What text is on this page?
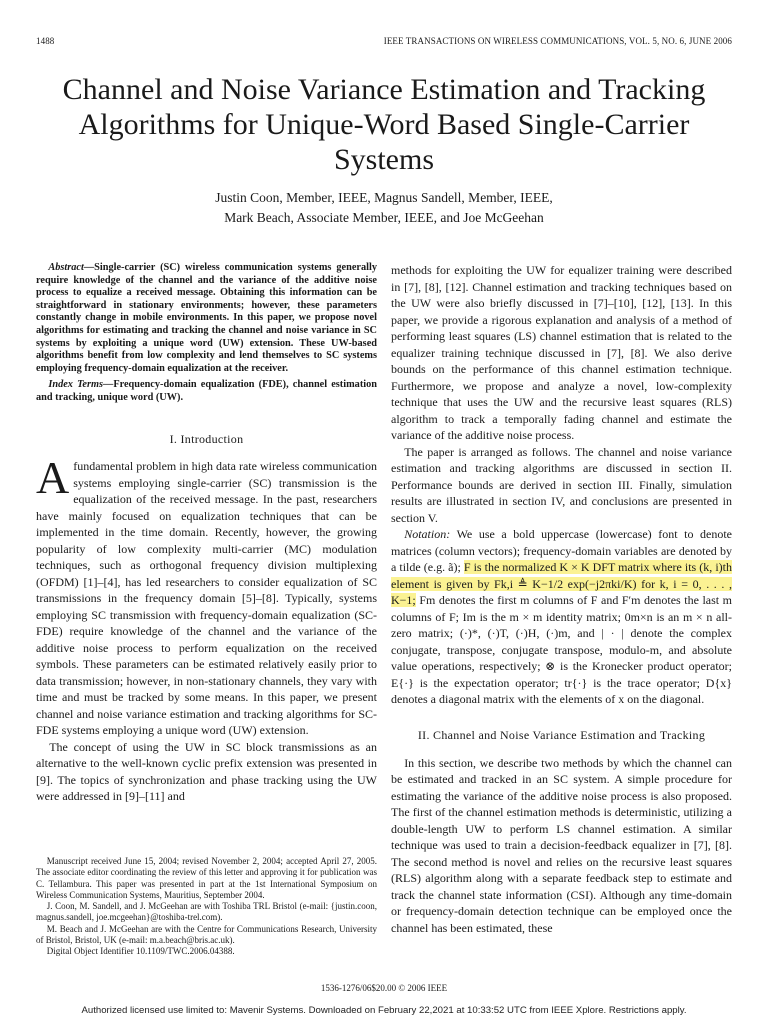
1488	IEEE TRANSACTIONS ON WIRELESS COMMUNICATIONS, VOL. 5, NO. 6, JUNE 2006
Channel and Noise Variance Estimation and Tracking Algorithms for Unique-Word Based Single-Carrier Systems
Justin Coon, Member, IEEE, Magnus Sandell, Member, IEEE,
Mark Beach, Associate Member, IEEE, and Joe McGeehan

Abstract—Single-carrier (SC) wireless communication systems generally require knowledge of the channel and the variance of the additive noise process to equalize a received message. Obtaining this information can be straightforward in stationary environments; however, these parameters constantly change in mobile environments. In this paper, we propose novel algorithms for estimating and tracking the channel and noise variance in SC systems by exploiting a unique word (UW) extension. These UW-based algorithms benefit from low complexity and lend themselves to SC systems employing frequency-domain equalization at the receiver.

Index Terms—Frequency-domain equalization (FDE), channel estimation and tracking, unique word (UW).

I. Introduction

Afundamental problem in high data rate wireless communication systems employing single-carrier (SC) transmission is the equalization of the received message. In the past, researchers have mainly focused on equalization techniques that can be implemented in the time domain. Recently, however, the growing popularity of low complexity multi-carrier (MC) modulation techniques, such as orthogonal frequency division multiplexing (OFDM) [1]–[4], has led researchers to consider equalization of SC transmissions in the frequency domain [5]–[8]. Typically, systems employing SC transmission with frequency-domain equalization (SC-FDE) require knowledge of the channel and the variance of the additive noise process to perform equalization on the received symbols. These parameters can be estimated relatively easily prior to data transmission; however, in non-stationary channels, they vary with time and must be tracked by some means. In this paper, we present channel and noise variance estimation and tracking algorithms for SC-FDE systems employing a unique word (UW) extension.

The concept of using the UW in SC block transmissions as an alternative to the well-known cyclic prefix extension was presented in [9]. The topics of synchronization and phase tracking using the UW were addressed in [9]–[11] and

methods for exploiting the UW for equalizer training were described in [7], [8], [12]. Channel estimation and tracking techniques based on the UW were also briefly discussed in [7]–[10], [12], [13]. In this paper, we provide a rigorous explanation and analysis of a method of performing least squares (LS) channel estimation that is related to the equalizer training technique discussed in [7], [8]. We also derive bounds on the performance of this channel estimation technique. Furthermore, we propose and analyze a novel, low-complexity technique that uses the UW and the recursive least squares (RLS) algorithm to track a temporally fading channel and estimate the variance of the additive noise process.

The paper is arranged as follows. The channel and noise variance estimation and tracking algorithms are discussed in section II. Performance bounds are derived in section III. Finally, simulation results are illustrated in section IV, and conclusions are presented in section V.

Notation: We use a bold uppercase (lowercase) font to denote matrices (column vectors); frequency-domain variables are denoted by a tilde (e.g. ã); F is the normalized K × K DFT matrix where its (k, i)th element is given by Fk,i ≜ K−1/2 exp(−j2πki/K) for k, i = 0, . . . , K−1; Fm denotes the first m columns of F and F′m denotes the last m columns of F; Im is the m × m identity matrix; 0m×n is an m × n all-zero matrix; (·)*, (·)T, (·)H, (·)m, and | · | denote the complex conjugate, transpose, conjugate transpose, modulo-m, and absolute value operations, respectively; ⊗ is the Kronecker product operator; E{·} is the expectation operator; tr{·} is the trace operator; D{x} denotes a diagonal matrix with the elements of x on the diagonal.

II. Channel and Noise Variance Estimation and Tracking

In this section, we describe two methods by which the channel can be estimated and tracked in an SC system. A simple procedure for estimating the variance of the additive noise process is also proposed. The first of the channel estimation methods is deterministic, utilizing a double-length UW to perform LS channel estimation. A similar technique was used to train a decision-feedback equalizer in [7], [8]. The second method is novel and relies on the recursive least squares (RLS) algorithm along with a separate feedback step to estimate and track the channel state information (CSI). Although any time-domain or frequency-domain detection technique can be employed once the channel has been estimated, these

Manuscript received June 15, 2004; revised November 2, 2004; accepted April 27, 2005. The associate editor coordinating the review of this letter and approving it for publication was C. Tellambura. This paper was presented in part at the 1st International Symposium on Wireless Communication Systems, Mauritius, September 2004.

J. Coon, M. Sandell, and J. McGeehan are with Toshiba TRL Bristol (e-mail: {justin.coon, magnus.sandell, joe.mcgeehan}@toshiba-trel.com).

M. Beach and J. McGeehan are with the Centre for Communications Research, University of Bristol, Bristol, UK (e-mail: m.a.beach@bris.ac.uk).

Digital Object Identifier 10.1109/TWC.2006.04388.

1536-1276/06$20.00 © 2006 IEEE
Authorized licensed use limited to: Mavenir Systems. Downloaded on February 22,2021 at 10:33:52 UTC from IEEE Xplore. Restrictions apply.
